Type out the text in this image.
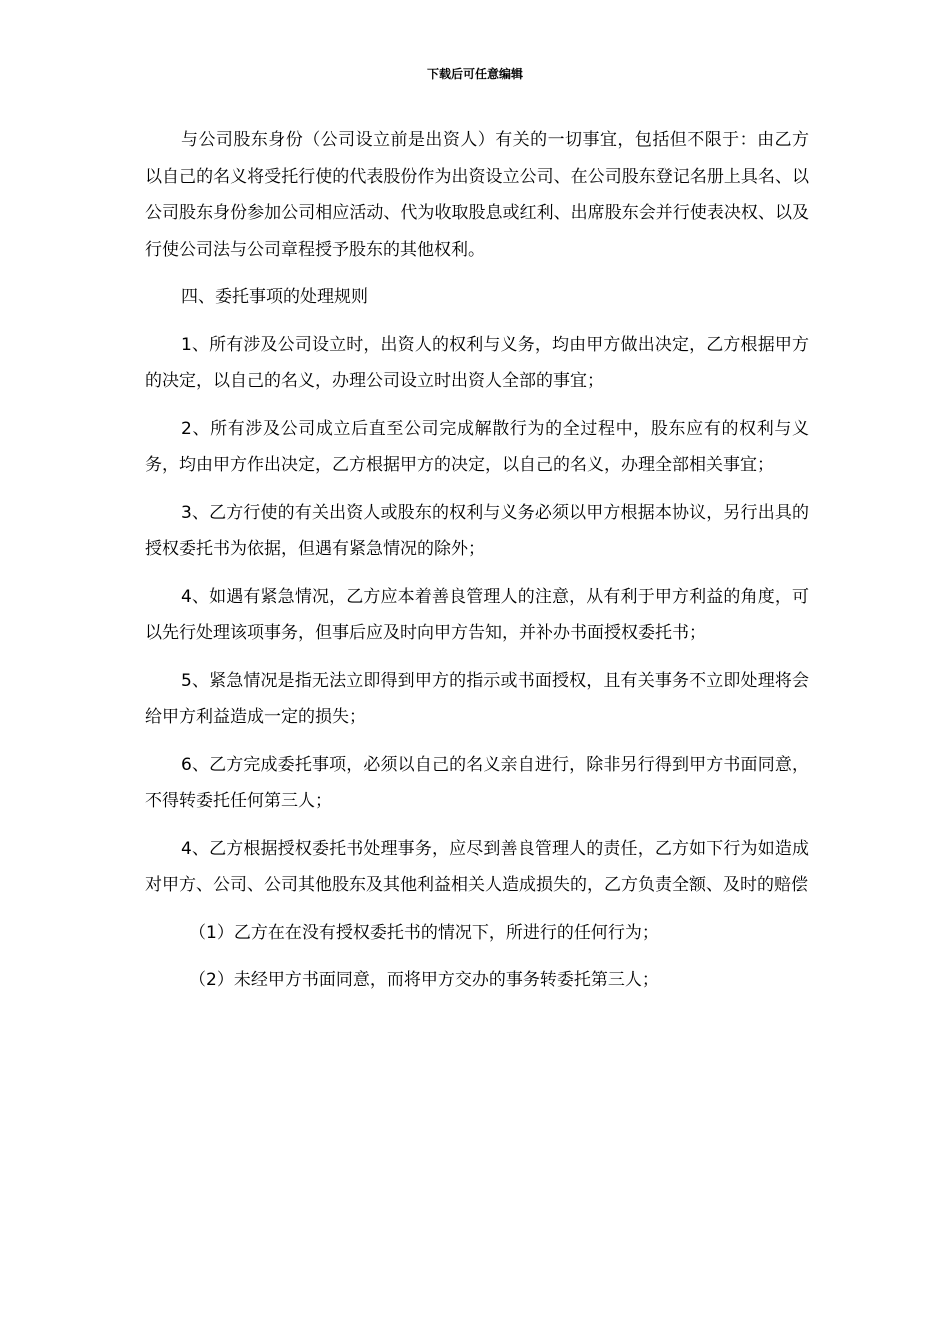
下载后可任意编辑

与公司股东身份（公司设立前是出资人）有关的一切事宜，包括但不限于：由乙方以自己的名义将受托行使的代表股份作为出资设立公司、在公司股东登记名册上具名、以公司股东身份参加公司相应活动、代为收取股息或红利、出席股东会并行使表决权、以及行使公司法与公司章程授予股东的其他权利。

四、委托事项的处理规则

1、所有涉及公司设立时，出资人的权利与义务，均由甲方做出决定，乙方根据甲方的决定，以自己的名义，办理公司设立时出资人全部的事宜；

2、所有涉及公司成立后直至公司完成解散行为的全过程中，股东应有的权利与义务，均由甲方作出决定，乙方根据甲方的决定，以自己的名义，办理全部相关事宜；

3、乙方行使的有关出资人或股东的权利与义务必须以甲方根据本协议，另行出具的授权委托书为依据，但遇有紧急情况的除外；

4、如遇有紧急情况，乙方应本着善良管理人的注意，从有利于甲方利益的角度，可以先行处理该项事务，但事后应及时向甲方告知，并补办书面授权委托书；

5、紧急情况是指无法立即得到甲方的指示或书面授权，且有关事务不立即处理将会给甲方利益造成一定的损失；

6、乙方完成委托事项，必须以自己的名义亲自进行，除非另行得到甲方书面同意，不得转委托任何第三人；

4、乙方根据授权委托书处理事务，应尽到善良管理人的责任，乙方如下行为如造成对甲方、公司、公司其他股东及其他利益相关人造成损失的，乙方负责全额、及时的赔偿

（1）乙方在在没有授权委托书的情况下，所进行的任何行为；

（2）未经甲方书面同意，而将甲方交办的事务转委托第三人；
